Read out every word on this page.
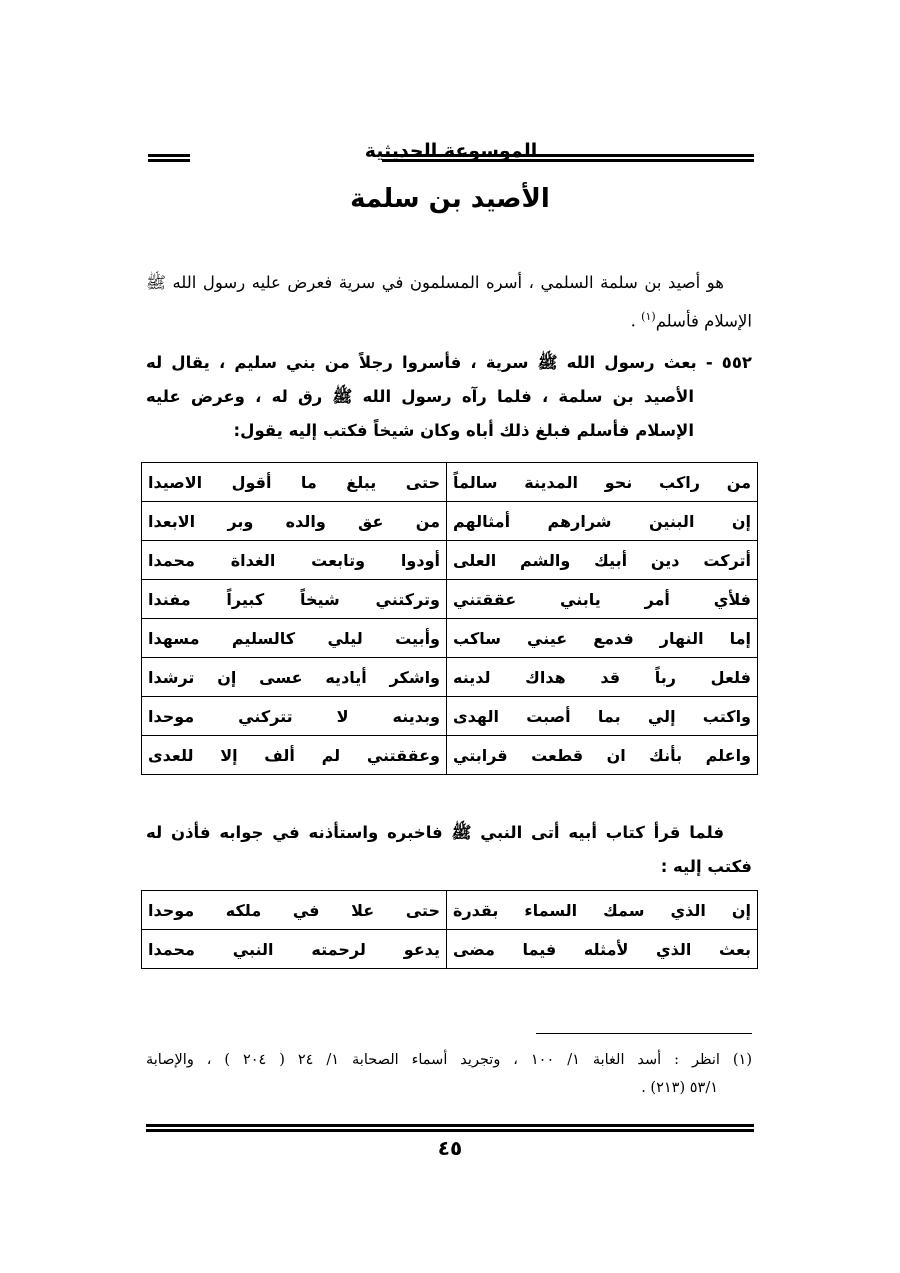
الموسوعة الحديثية
الأصيد بن سلمة
هو أصيد بن سلمة السلمي ، أسره المسلمون في سرية فعرض عليه رسول الله ﷺ الإسلام فأسلم$^{(١)}$ .
٥٥٢ - بعث رسول الله ﷺ سرية ، فأسروا رجلاً من بني سليم ، يقال له
الأصيد بن سلمة ، فلما رآه رسول الله ﷺ رق له ، وعرض عليه
الإسلام فأسلم فبلغ ذلك أباه وكان شيخاً فكتب إليه يقول:
من راكب نحو المدينة سالماً	حتى يبلغ ما أقول الاصيدا
إن البنين شرارهم أمثالهم	من عق والده وبر الابعدا
أتركت دين أبيك والشم العلى	أودوا وتابعت الغداة محمدا
فلأي أمر يابني عققتني	وتركتني شيخاً كبيراً مفندا
إما النهار فدمع عيني ساكب	وأبيت ليلي كالسليم مسهدا
فلعل رباً قد هداك لدينه	واشكر أياديه عسى إن ترشدا
واكتب إلي بما أصبت الهدى	وبدينه لا تتركني موحدا
واعلم بأنك ان قطعت قرابتي	وعققتني لم ألف إلا للعدى
فلما قرأ كتاب أبيه أتى النبي ﷺ فاخبره واستأذنه في جوابه فأذن له
فكتب إليه :
إن الذي سمك السماء بقدرة	حتى علا في ملكه موحدا
بعث الذي لأمثله فيما مضى	يدعو لرحمته النبي محمدا
(١) انظر : أسد الغابة ١/ ١٠٠ ، وتجريد أسماء الصحابة ١/ ٢٤ ( ٢٠٤ ) ، والإصابة
٥٣/١ (٢١٣) .
٤٥
